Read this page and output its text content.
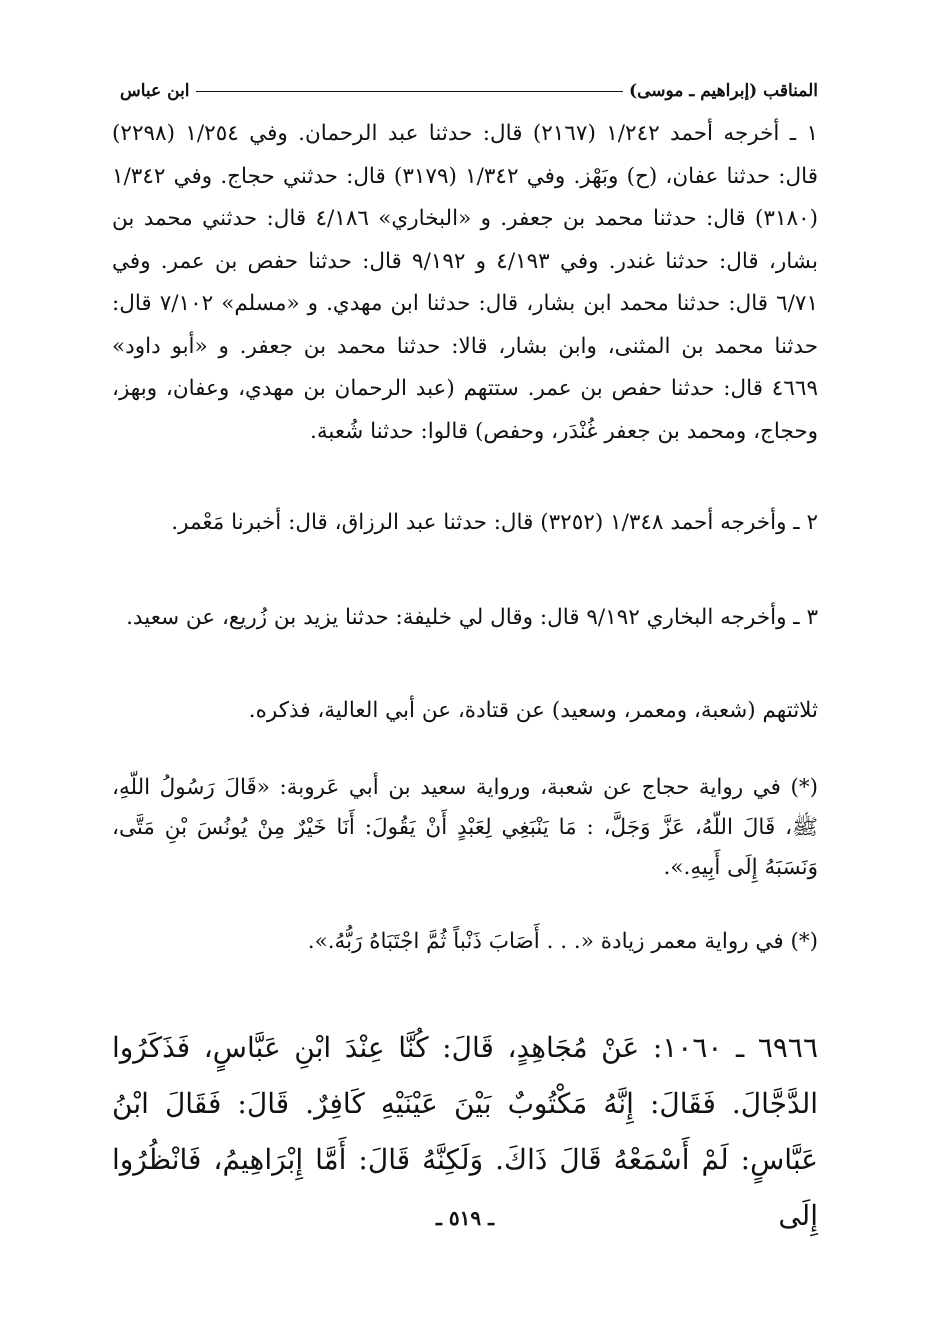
المناقب (إبراهيم ـ موسى)
ابن عباس

١ ـ أخرجه أحمد ١/٢٤٢ (٢١٦٧) قال: حدثنا عبد الرحمان. وفي ١/٢٥٤ (٢٢٩٨) قال: حدثنا عفان، (ح) وبَهْز. وفي ١/٣٤٢ (٣١٧٩) قال: حدثني حجاج. وفي ١/٣٤٢ (٣١٨٠) قال: حدثنا محمد بن جعفر. و «البخاري» ٤/١٨٦ قال: حدثني محمد بن بشار، قال: حدثنا غندر. وفي ٤/١٩٣ و ٩/١٩٢ قال: حدثنا حفص بن عمر. وفي ٦/٧١ قال: حدثنا محمد ابن بشار، قال: حدثنا ابن مهدي. و «مسلم» ٧/١٠٢ قال: حدثنا محمد بن المثنى، وابن بشار، قالا: حدثنا محمد بن جعفر. و «أبو داود» ٤٦٦٩ قال: حدثنا حفص بن عمر. ستتهم (عبد الرحمان بن مهدي، وعفان، وبهز، وحجاج، ومحمد بن جعفر غُنْدَر، وحفص) قالوا: حدثنا شُعبة.

٢ ـ وأخرجه أحمد ١/٣٤٨ (٣٢٥٢) قال: حدثنا عبد الرزاق، قال: أخبرنا مَعْمر.

٣ ـ وأخرجه البخاري ٩/١٩٢ قال: وقال لي خليفة: حدثنا يزيد بن زُريع، عن سعيد.

ثلاثتهم (شعبة، ومعمر، وسعيد) عن قتادة، عن أبي العالية، فذكره.

(*) في رواية حجاج عن شعبة، ورواية سعيد بن أبي عَروبة: «قَالَ رَسُولُ اللّهِ، ﷺ، قَالَ اللّهُ، عَزَّ وَجَلَّ، : مَا يَنْبَغِي لِعَبْدٍ أَنْ يَقُولَ: أَنَا خَيْرٌ مِنْ يُونُسَ بْنِ مَتَّى، وَنَسَبَهُ إِلَى أَبِيهِ.».

(*) في رواية معمر زيادة «. . . أَصَابَ ذَنْباً ثُمَّ اجْتَبَاهُ رَبُّهُ.».

٦٩٦٦ ـ ١٠٦٠: عَنْ مُجَاهِدٍ، قَالَ: كُنَّا عِنْدَ ابْنِ عَبَّاسٍ، فَذَكَرُوا الدَّجَّالَ. فَقَالَ: إِنَّهُ مَكْتُوبٌ بَيْنَ عَيْنَيْهِ كَافِرٌ. قَالَ: فَقَالَ ابْنُ عَبَّاسٍ: لَمْ أَسْمَعْهُ قَالَ ذَاكَ. وَلَكِنَّهُ قَالَ: أَمَّا إِبْرَاهِيمُ، فَانْظُرُوا إِلَى

ـ ٥١٩ ـ
